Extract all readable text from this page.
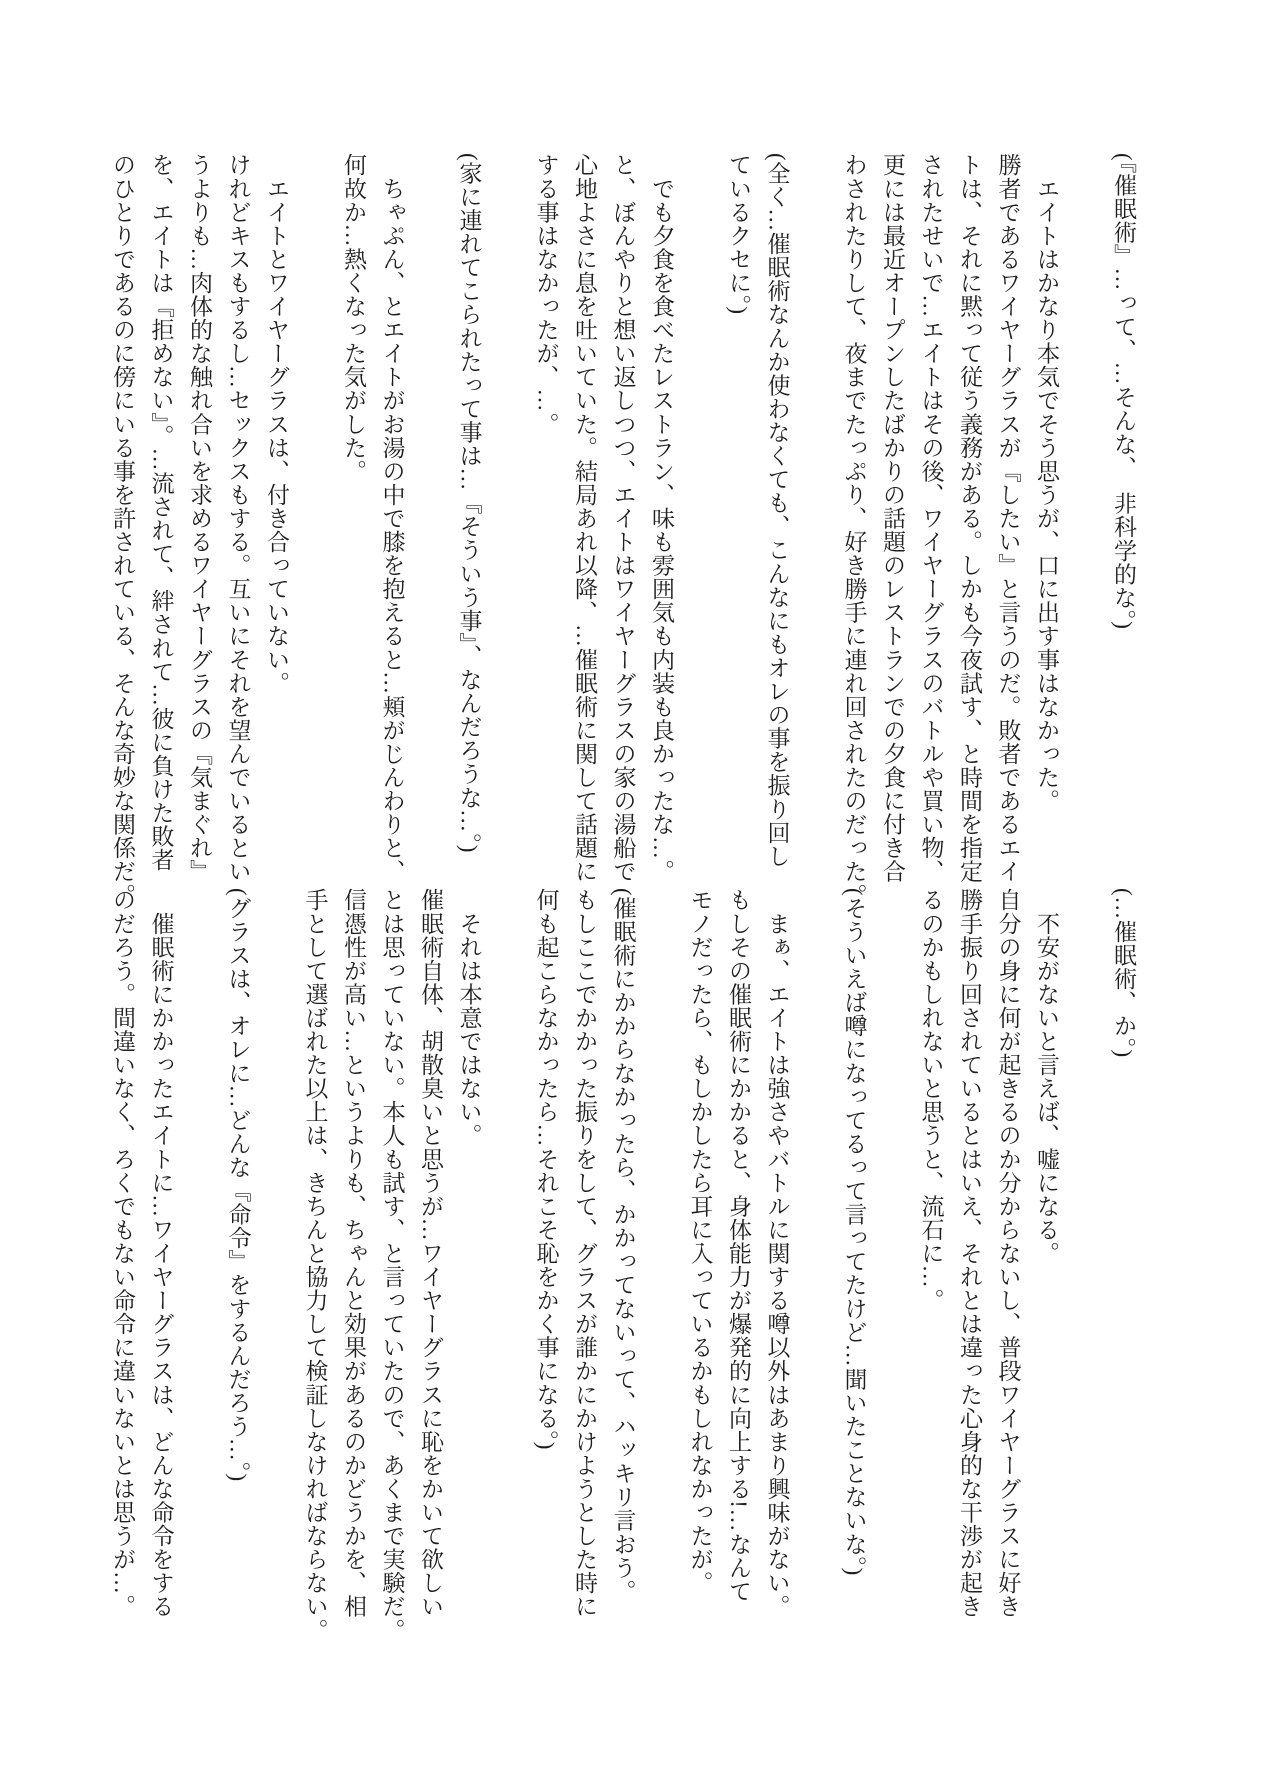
(『催眠術』…って、…そんな、　非科学的な。)

　エイトはかなり本気でそう思うが、口に出す事はなかった。

勝者であるワイヤーグラスが『したい』と言うのだ。敗者であるエイ

トは、それに黙って従う義務がある。しかも今夜試す、と時間を指定

されたせいで…エイトはその後、ワイヤーグラスのバトルや買い物、

更には最近オープンしたばかりの話題のレストランでの夕食に付き合

わされたりして、夜までたっぷり、好き勝手に連れ回されたのだった。

(全く…催眠術なんか使わなくても、こんなにもオレの事を振り回し

ているクセに。)

　でも夕食を食べたレストラン、味も雰囲気も内装も良かったな…。

と、ぼんやりと想い返しつつ、エイトはワイヤーグラスの家の湯船で

心地よさに息を吐いていた。結局あれ以降、…催眠術に関して話題に

する事はなかったが、…。

(家に連れてこられたって事は…『そういう事』、なんだろうな…。)

　ちゃぷん、とエイトがお湯の中で膝を抱えると…頬がじんわりと、

何故か…熱くなった気がした。

　エイトとワイヤーグラスは、付き合っていない。

けれどキスもするし…セックスもする。互いにそれを望んでいるとい

うよりも…肉体的な触れ合いを求めるワイヤーグラスの『気まぐれ』

を、エイトは『拒めない』。…流されて、絆されて…彼に負けた敗者

のひとりであるのに傍にいる事を許されている、そんな奇妙な関係だ。

(…催眠術、か。)

　不安がないと言えば、嘘になる。

自分の身に何が起きるのか分からないし、普段ワイヤーグラスに好き

勝手振り回されているとはいえ、それとは違った心身的な干渉が起き

るのかもしれないと思うと、流石に…。

(そういえば噂になってるって言ってたけど…聞いたことないな。)

　まぁ、エイトは強さやバトルに関する噂以外はあまり興味がない。

もしその催眠術にかかると、身体能力が爆発的に向上する!…なんて

モノだったら、もしかしたら耳に入っているかもしれなかったが。

(催眠術にかからなかったら、かかってないって、ハッキリ言おう。

もしここでかかった振りをして、グラスが誰かにかけようとした時に

何も起こらなかったら…それこそ恥をかく事になる。)

　それは本意ではない。

催眠術自体、胡散臭いと思うが…ワイヤーグラスに恥をかいて欲しい

とは思っていない。本人も試す、と言っていたので、あくまで実験だ。

信憑性が高い…というよりも、ちゃんと効果があるのかどうかを、相

手として選ばれた以上は、きちんと協力して検証しなければならない。

(グラスは、オレに…どんな『命令』をするんだろう…。)

　催眠術にかかったエイトに…ワイヤーグラスは、どんな命令をする

のだろう。間違いなく、ろくでもない命令に違いないとは思うが…。
